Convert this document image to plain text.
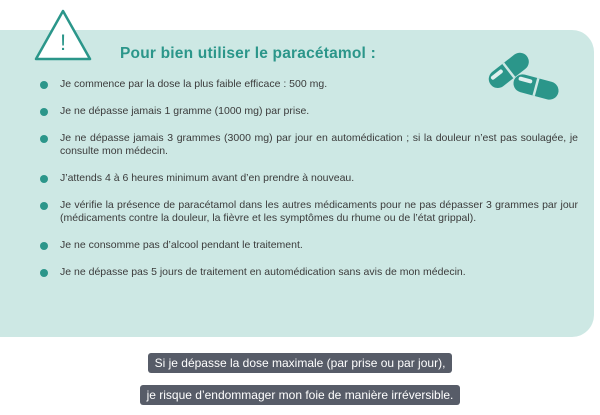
!	Pour bien utiliser le paracétamol :
Je commence par la dose la plus faible efficace : 500 mg.
Je ne dépasse jamais 1 gramme (1000 mg) par prise.
Je ne dépasse jamais 3 grammes (3000 mg) par jour en automédication ; si la douleur n’est pas soulagée, je consulte mon médecin.
J’attends 4 à 6 heures minimum avant d’en prendre à nouveau.
Je vérifie la présence de paracétamol dans les autres médicaments pour ne pas dépasser 3 grammes par jour (médicaments contre la douleur, la fièvre et les symptômes du rhume ou de l’état grippal).
Je ne consomme pas d’alcool pendant le traitement.
Je ne dépasse pas 5 jours de traitement en automédication sans avis de mon médecin.
Si je dépasse la dose maximale (par prise ou par jour),
je risque d’endommager mon foie de manière irréversible.
